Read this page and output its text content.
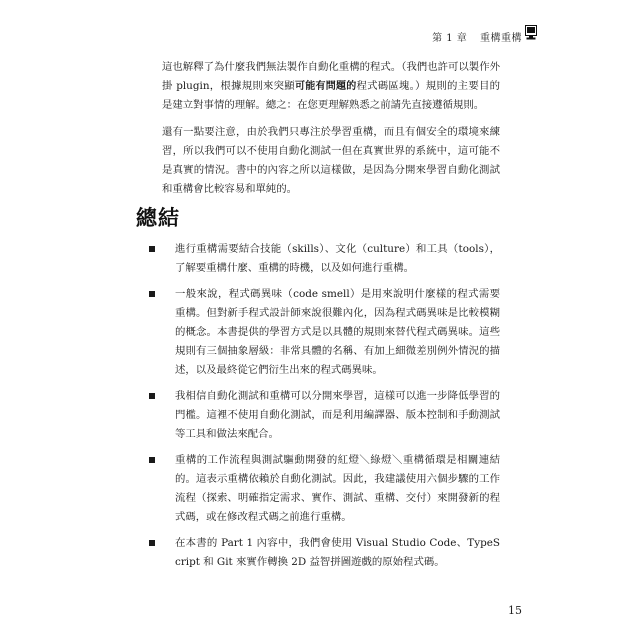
第 1 章 重構重構

這也解釋了為什麼我們無法製作自動化重構的程式。（我們也許可以製作外掛 plugin，根據規則來突顯可能有問題的程式碼區塊。）規則的主要目的是建立對事情的理解。總之：在您更理解熟悉之前請先直接遵循規則。

還有一點要注意，由於我們只專注於學習重構，而且有個安全的環境來練習，所以我們可以不使用自動化測試一但在真實世界的系統中，這可能不是真實的情況。書中的內容之所以這樣做，是因為分開來學習自動化測試和重構會比較容易和單純的。

總結
進行重構需要結合技能（skills）、文化（culture）和工具（tools），了解要重構什麼、重構的時機，以及如何進行重構。
一般來說，程式碼異味（code smell）是用來說明什麼樣的程式需要重構。但對新手程式設計師來說很難內化，因為程式碼異味是比較模糊的概念。本書提供的學習方式是以具體的規則來替代程式碼異味。這些規則有三個抽象層級：非常具體的名稱、有加上細微差別例外情況的描述，以及最終從它們衍生出來的程式碼異味。
我相信自動化測試和重構可以分開來學習，這樣可以進一步降低學習的門檻。這裡不使用自動化測試，而是利用編譯器、版本控制和手動測試等工具和做法來配合。
重構的工作流程與測試驅動開發的紅燈＼綠燈＼重構循環是相關連結的。這表示重構依賴於自動化測試。因此，我建議使用六個步驟的工作流程（探索、明確指定需求、實作、測試、重構、交付）來開發新的程式碼，或在修改程式碼之前進行重構。
在本書的 Part 1 內容中，我們會使用 Visual Studio Code、TypeScript 和 Git 來實作轉換 2D 益智拼圖遊戲的原始程式碼。
15
